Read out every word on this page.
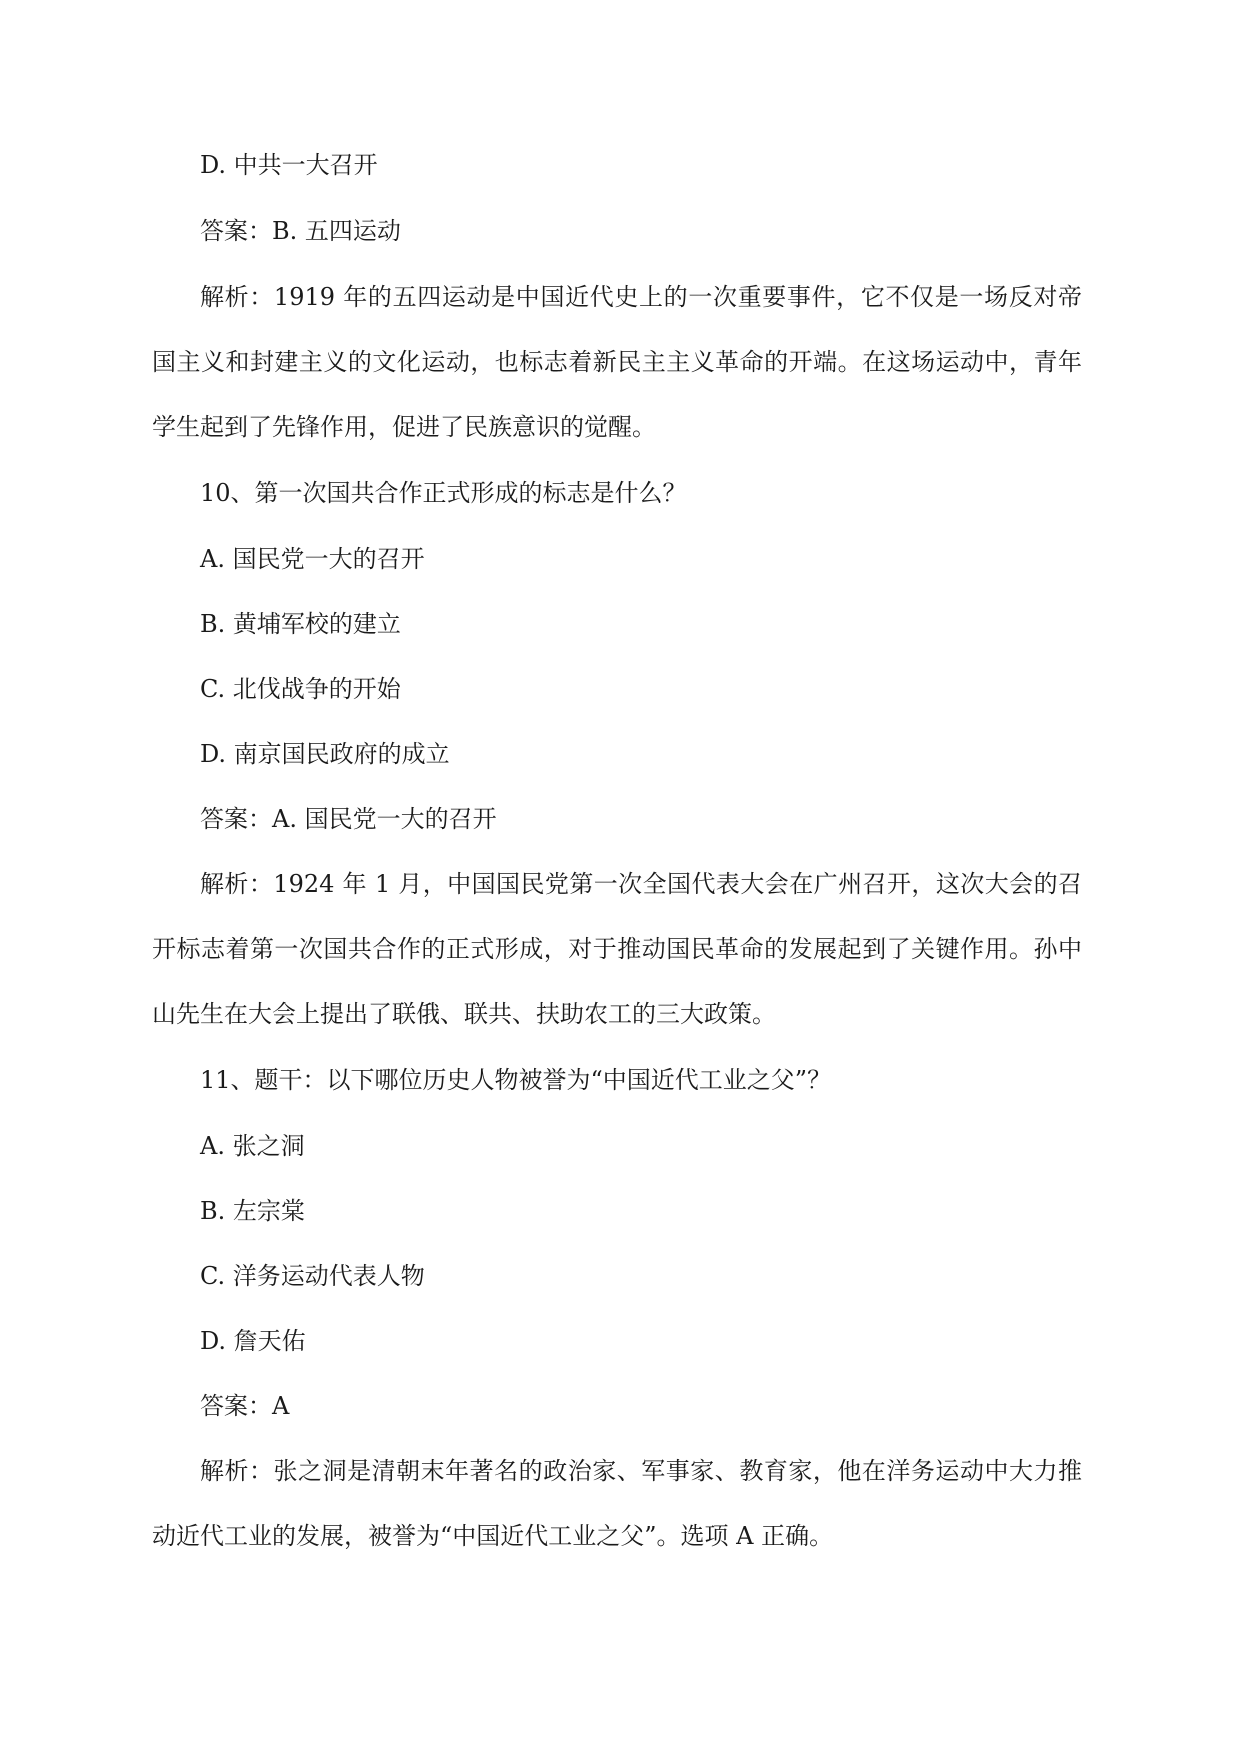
D. 中共一大召开
答案：B. 五四运动
解析：1919 年的五四运动是中国近代史上的一次重要事件，它不仅是一场反对帝
国主义和封建主义的文化运动，也标志着新民主主义革命的开端。在这场运动中，青年
学生起到了先锋作用，促进了民族意识的觉醒。
10、第一次国共合作正式形成的标志是什么？
A. 国民党一大的召开
B. 黄埔军校的建立
C. 北伐战争的开始
D. 南京国民政府的成立
答案：A. 国民党一大的召开
解析：1924 年 1 月，中国国民党第一次全国代表大会在广州召开，这次大会的召
开标志着第一次国共合作的正式形成，对于推动国民革命的发展起到了关键作用。孙中
山先生在大会上提出了联俄、联共、扶助农工的三大政策。
11、题干：以下哪位历史人物被誉为“中国近代工业之父”？
A. 张之洞
B. 左宗棠
C. 洋务运动代表人物
D. 詹天佑
答案：A
解析：张之洞是清朝末年著名的政治家、军事家、教育家，他在洋务运动中大力推
动近代工业的发展，被誉为“中国近代工业之父”。选项 A 正确。
